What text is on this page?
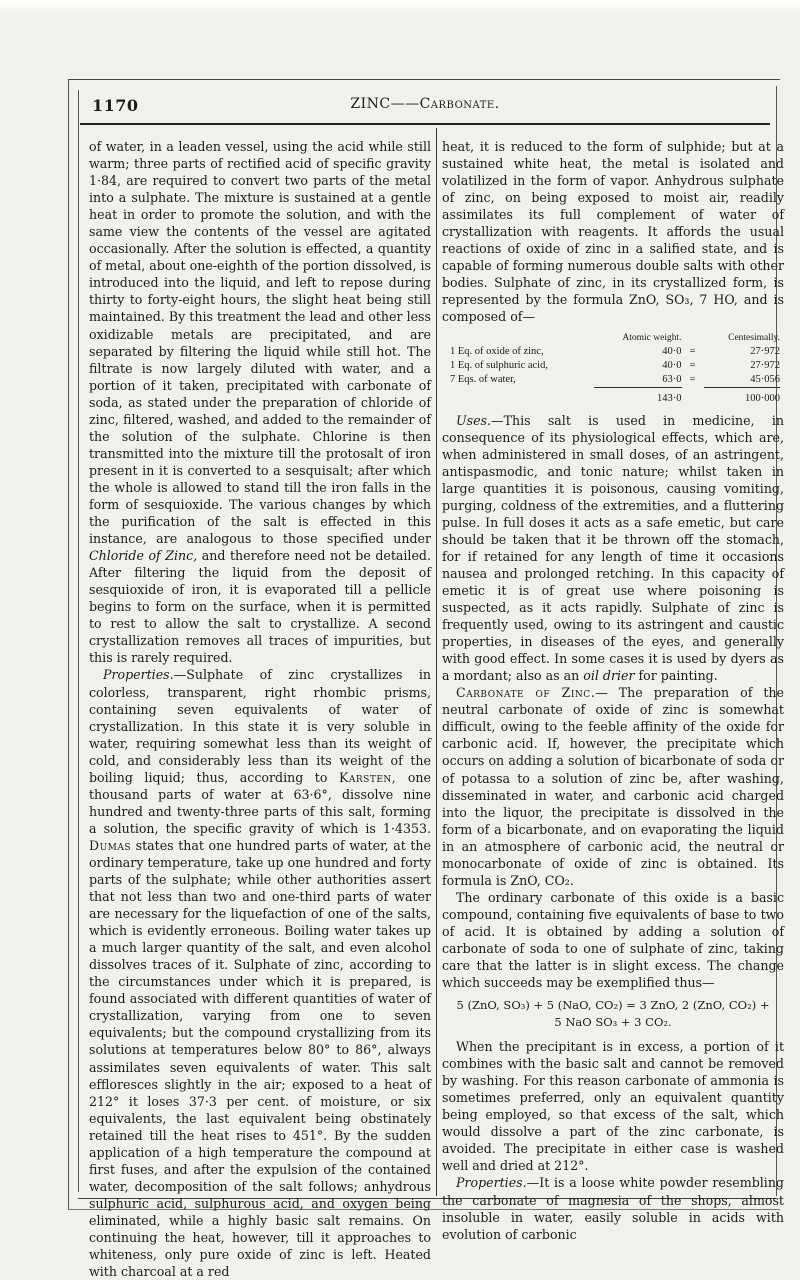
1170	ZINC——Carbonate.

of water, in a leaden vessel, using the acid while still warm; three parts of rectified acid of specific gravity 1·84, are required to convert two parts of the metal into a sulphate. The mixture is sustained at a gentle heat in order to promote the solution, and with the same view the contents of the vessel are agitated occasionally. After the solution is effected, a quantity of metal, about one-eighth of the portion dissolved, is introduced into the liquid, and left to repose during thirty to forty-eight hours, the slight heat being still maintained. By this treatment the lead and other less oxidizable metals are precipitated, and are separated by filtering the liquid while still hot. The filtrate is now largely diluted with water, and a portion of it taken, precipitated with carbonate of soda, as stated under the preparation of chloride of zinc, filtered, washed, and added to the remainder of the solution of the sulphate. Chlorine is then transmitted into the mixture till the protosalt of iron present in it is converted to a sesquisalt; after which the whole is allowed to stand till the iron falls in the form of sesquioxide. The various changes by which the purification of the salt is effected in this instance, are analogous to those specified under Chloride of Zinc, and therefore need not be detailed. After filtering the liquid from the deposit of sesquioxide of iron, it is evaporated till a pellicle begins to form on the surface, when it is permitted to rest to allow the salt to crystallize. A second crystallization removes all traces of impurities, but this is rarely required.

Properties.—Sulphate of zinc crystallizes in colorless, transparent, right rhombic prisms, containing seven equivalents of water of crystallization. In this state it is very soluble in water, requiring somewhat less than its weight of cold, and considerably less than its weight of the boiling liquid; thus, according to Karsten, one thousand parts of water at 63·6°, dissolve nine hundred and twenty-three parts of this salt, forming a solution, the specific gravity of which is 1·4353. Dumas states that one hundred parts of water, at the ordinary temperature, take up one hundred and forty parts of the sulphate; while other authorities assert that not less than two and one-third parts of water are necessary for the liquefaction of one of the salts, which is evidently erroneous. Boiling water takes up a much larger quantity of the salt, and even alcohol dissolves traces of it. Sulphate of zinc, according to the circumstances under which it is prepared, is found associated with different quantities of water of crystallization, varying from one to seven equivalents; but the compound crystallizing from its solutions at temperatures below 80° to 86°, always assimilates seven equivalents of water. This salt effloresces slightly in the air; exposed to a heat of 212° it loses 37·3 per cent. of moisture, or six equivalents, the last equivalent being obstinately retained till the heat rises to 451°. By the sudden application of a high temperature the compound at first fuses, and after the expulsion of the contained water, decomposition of the salt follows; anhydrous sulphuric acid, sulphurous acid, and oxygen being eliminated, while a highly basic salt remains. On continuing the heat, however, till it approaches to whiteness, only pure oxide of zinc is left. Heated with charcoal at a red

heat, it is reduced to the form of sulphide; but at a sustained white heat, the metal is isolated and volatilized in the form of vapor. Anhydrous sulphate of zinc, on being exposed to moist air, readily assimilates its full complement of water of crystallization with reagents. It affords the usual reactions of oxide of zinc in a salified state, and is capable of forming numerous double salts with other bodies. Sulphate of zinc, in its crystallized form, is represented by the formula ZnO, SO₃, 7 HO, and is composed of—

	Atomic weight.		Centesimally.
1 Eq. of oxide of zinc,	40·0	=	27·972
1 Eq. of sulphuric acid,	40·0	=	27·972
7 Eqs. of water,	63·0	=	45·056
	143·0		100·000

Uses.—This salt is used in medicine, in consequence of its physiological effects, which are, when administered in small doses, of an astringent, antispasmodic, and tonic nature; whilst taken in large quantities it is poisonous, causing vomiting, purging, coldness of the extremities, and a fluttering pulse. In full doses it acts as a safe emetic, but care should be taken that it be thrown off the stomach, for if retained for any length of time it occasions nausea and prolonged retching. In this capacity of emetic it is of great use where poisoning is suspected, as it acts rapidly. Sulphate of zinc is frequently used, owing to its astringent and caustic properties, in diseases of the eyes, and generally with good effect. In some cases it is used by dyers as a mordant; also as an oil drier for painting.

Carbonate of Zinc.— The preparation of the neutral carbonate of oxide of zinc is somewhat difficult, owing to the feeble affinity of the oxide for carbonic acid. If, however, the precipitate which occurs on adding a solution of bicarbonate of soda or of potassa to a solution of zinc be, after washing, disseminated in water, and carbonic acid charged into the liquor, the precipitate is dissolved in the form of a bicarbonate, and on evaporating the liquid in an atmosphere of carbonic acid, the neutral or monocarbonate of oxide of zinc is obtained. Its formula is ZnO, CO₂.

The ordinary carbonate of this oxide is a basic compound, containing five equivalents of base to two of acid. It is obtained by adding a solution of carbonate of soda to one of sulphate of zinc, taking care that the latter is in slight excess. The change which succeeds may be exemplified thus—

5 (ZnO, SO₃) + 5 (NaO, CO₂) = 3 ZnO, 2 (ZnO, CO₂) +
5 NaO SO₃ + 3 CO₂.

When the precipitant is in excess, a portion of it combines with the basic salt and cannot be removed by washing. For this reason carbonate of ammonia is sometimes preferred, only an equivalent quantity being employed, so that excess of the salt, which would dissolve a part of the zinc carbonate, is avoided. The precipitate in either case is washed well and dried at 212°.

Properties.—It is a loose white powder resembling the carbonate of magnesia of the shops, almost insoluble in water, easily soluble in acids with evolution of carbonic
